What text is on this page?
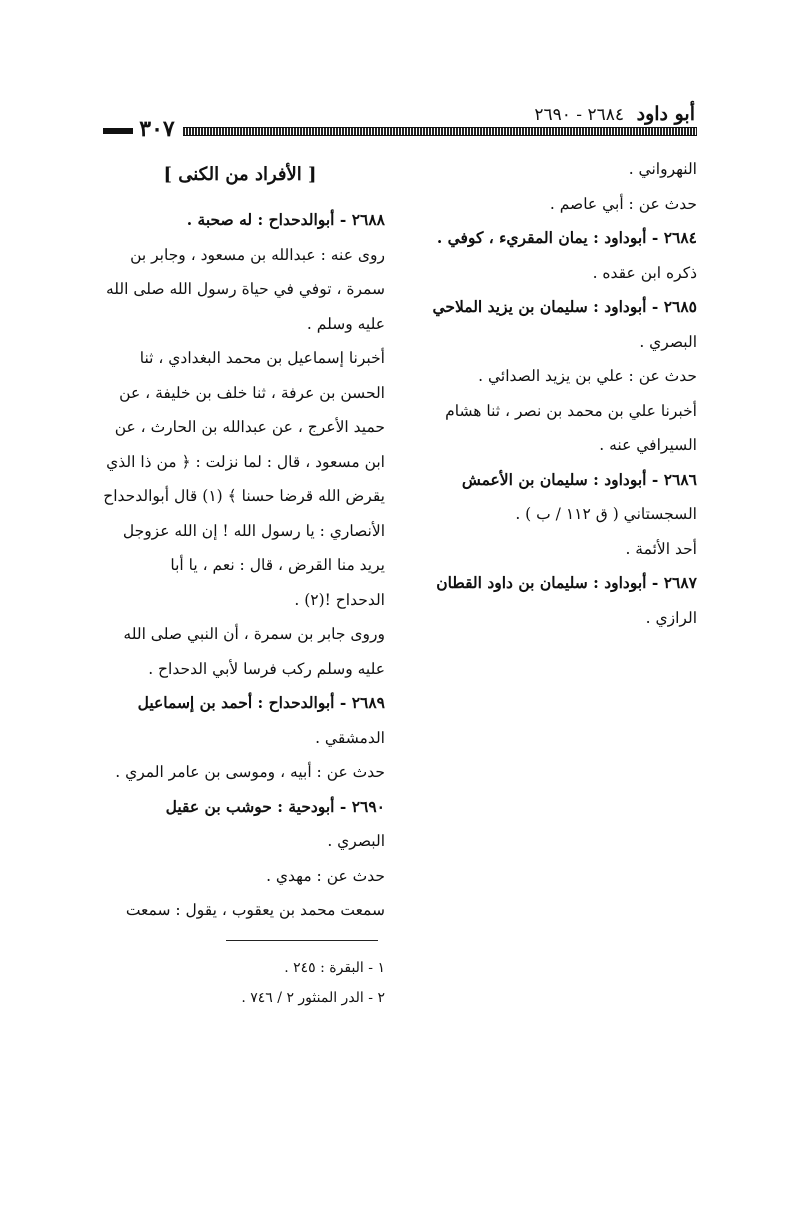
أبو داود ٢٦٨٤ - ٢٦٩٠
٣٠٧
النهرواني .
حدث عن : أبي عاصم .
٢٦٨٤ - أبوداود : يمان المقريء ، كوفي .
ذكره ابن عقده .
٢٦٨٥ - أبوداود : سليمان بن يزيد الملاحي
البصري .
حدث عن : علي بن يزيد الصدائي .
أخبرنا علي بن محمد بن نصر ، ثنا هشام
السيرافي عنه .
٢٦٨٦ - أبوداود : سليمان بن الأعمش
السجستاني ( ق ١١٢ / ب ) .
أحد الأئمة .
٢٦٨٧ - أبوداود : سليمان بن داود القطان
الرازي .
[ الأفراد من الكنى ]
٢٦٨٨ - أبوالدحداح : له صحبة .
روى عنه : عبدالله بن مسعود ، وجابر بن
سمرة ، توفي في حياة رسول الله صلى الله
عليه وسلم .
أخبرنا إسماعيل بن محمد البغدادي ، ثنا
الحسن بن عرفة ، ثنا خلف بن خليفة ، عن
حميد الأعرج ، عن عبدالله بن الحارث ، عن
ابن مسعود ، قال : لما نزلت : ﴿ من ذا الذي
يقرض الله قرضا حسنا ﴾ (١) قال أبوالدحداح
الأنصاري : يا رسول الله ! إن الله عزوجل
يريد منا القرض ، قال : نعم ، يا أبا
الدحداح !(٢) .
وروى جابر بن سمرة ، أن النبي صلى الله
عليه وسلم ركب فرسا لأبي الدحداح .
٢٦٨٩ - أبوالدحداح : أحمد بن إسماعيل
الدمشقي .
حدث عن : أبيه ، وموسى بن عامر المري .
٢٦٩٠ - أبودحية : حوشب بن عقيل
البصري .
حدث عن : مهدي .
سمعت محمد بن يعقوب ، يقول : سمعت
١ - البقرة : ٢٤٥ .
٢ - الدر المنثور ٢ / ٧٤٦ .
